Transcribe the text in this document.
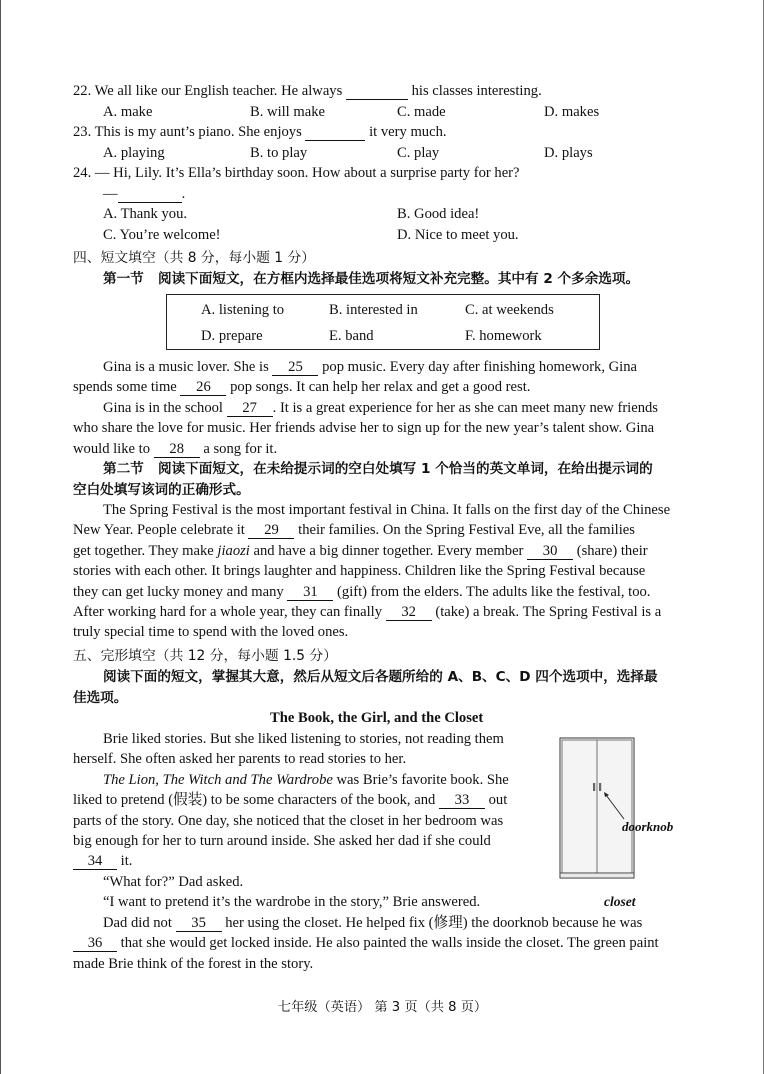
22. We all like our English teacher. He always	his classes interesting.
A. make	B. will make	C. made	D. makes
23. This is my aunt’s piano. She enjoys	it very much.
A. playing	B. to play	C. play	D. plays
24. — Hi, Lily. It’s Ella’s birthday soon. How about a surprise party for her?
—	.
A. Thank you.	B. Good idea!
C. You’re welcome!	D. Nice to meet you.
四、短文填空（共 8 分，每小题 1 分）
第一节 阅读下面短文，在方框内选择最佳选项将短文补充完整。其中有 2 个多余选项。
A. listening to	B. interested in	C. at weekends
D. prepare	E. band	F. homework
Gina is a music lover. She is 25 pop music. Every day after finishing homework, Gina
spends some time 26 pop songs. It can help her relax and get a good rest.
Gina is in the school 27 . It is a great experience for her as she can meet many new friends
who share the love for music. Her friends advise her to sign up for the new year’s talent show. Gina
would like to 28 a song for it.
第二节 阅读下面短文，在未给提示词的空白处填写 1 个恰当的英文单词，在给出提示词的
空白处填写该词的正确形式。
The Spring Festival is the most important festival in China. It falls on the first day of the Chinese
New Year. People celebrate it 29 their families. On the Spring Festival Eve, all the families
get together. They make jiaozi and have a big dinner together. Every member 30 (share) their
stories with each other. It brings laughter and happiness. Children like the Spring Festival because
they can get lucky money and many 31 (gift) from the elders. The adults like the festival, too.
After working hard for a whole year, they can finally 32 (take) a break. The Spring Festival is a
truly special time to spend with the loved ones.
五、完形填空（共 12 分，每小题 1.5 分）
阅读下面的短文，掌握其大意，然后从短文后各题所给的 A、B、C、D 四个选项中，选择最
佳选项。
The Book, the Girl, and the Closet
Brie liked stories. But she liked listening to stories, not reading them
herself. She often asked her parents to read stories to her.
The Lion, The Witch and The Wardrobe was Brie’s favorite book. She
liked to pretend (假装) to be some characters of the book, and 33 out
parts of the story. One day, she noticed that the closet in her bedroom was
big enough for her to turn around inside. She asked her dad if she could
34 it.
“What for?” Dad asked.
“I want to pretend it’s the wardrobe in the story,” Brie answered.
Dad did not 35 her using the closet. He helped fix (修理) the doorknob because he was
36 that she would get locked inside. He also painted the walls inside the closet. The green paint
made Brie think of the forest in the story.
doorknob
closet
七年级（英语） 第 3 页（共 8 页）
